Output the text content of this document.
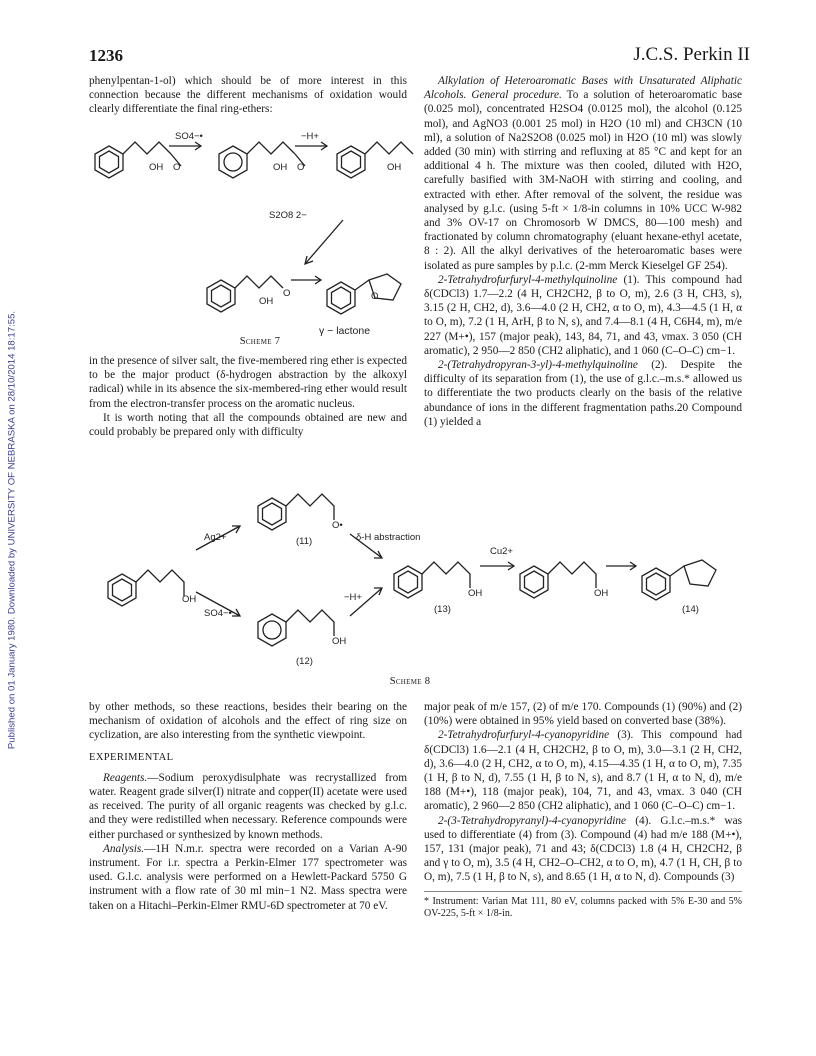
Published on 01 January 1980. Downloaded by UNIVERSITY OF NEBRASKA on 28/10/2014 18:17:55.
1236	J.C.S. Perkin II

phenylpentan-1-ol) which should be of more interest in this connection because the different mechanisms of oxidation would clearly differentiate the final ring-ethers:

SO4−•	−H+
S2O8 2−
OH O	OH O	OH
OH
O	O
γ − lactone
Scheme 7

in the presence of silver salt, the five-membered ring ether is expected to be the major product (δ-hydrogen abstraction by the alkoxyl radical) while in its absence the six-membered-ring ether would result from the electron-transfer process on the aromatic nucleus.

It is worth noting that all the compounds obtained are new and could probably be prepared only with difficulty

Alkylation of Heteroaromatic Bases with Unsaturated Aliphatic Alcohols. General procedure. To a solution of heteroaromatic base (0.025 mol), concentrated H2SO4 (0.0125 mol), the alcohol (0.125 mol), and AgNO3 (0.001 25 mol) in H2O (10 ml) and CH3CN (10 ml), a solution of Na2S2O8 (0.025 mol) in H2O (10 ml) was slowly added (30 min) with stirring and refluxing at 85 °C and kept for an additional 4 h. The mixture was then cooled, diluted with H2O, carefully basified with 3M-NaOH with stirring and cooling, and extracted with ether. After removal of the solvent, the residue was analysed by g.l.c. (using 5-ft × 1/8-in columns in 10% UCC W-982 and 3% OV-17 on Chromosorb W DMCS, 80—100 mesh) and fractionated by column chromatography (eluant hexane-ethyl acetate, 8 : 2). All the alkyl derivatives of the heteroaromatic bases were isolated as pure samples by p.l.c. (2-mm Merck Kieselgel GF 254).

2-Tetrahydrofurfuryl-4-methylquinoline (1). This compound had δ(CDCl3) 1.7—2.2 (4 H, CH2CH2, β to O, m), 2.6 (3 H, CH3, s), 3.15 (2 H, CH2, d), 3.6—4.0 (2 H, CH2, α to O, m), 4.3—4.5 (1 H, α to O, m), 7.2 (1 H, ArH, β to N, s), and 7.4—8.1 (4 H, C6H4, m), m/e 227 (M+•), 157 (major peak), 143, 84, 71, and 43, νmax. 3 050 (CH aromatic), 2 950—2 850 (CH2 aliphatic), and 1 060 (C–O–C) cm−1.

2-(Tetrahydropyran-3-yl)-4-methylquinoline (2). Despite the difficulty of its separation from (1), the use of g.l.c.–m.s.* allowed us to differentiate the two products clearly on the basis of the relative abundance of ions in the different fragmentation paths.20 Compound (1) yielded a

Ag2+
SO4−•
δ-H abstraction
Cu2+
−H+
OH
O•
OH
OH	OH
(11)
(12)
(13)	(14)
Scheme 8

by other methods, so these reactions, besides their bearing on the mechanism of oxidation of alcohols and the effect of ring size on cyclization, are also interesting from the synthetic viewpoint.

EXPERIMENTAL

Reagents.—Sodium peroxydisulphate was recrystallized from water. Reagent grade silver(I) nitrate and copper(II) acetate were used as received. The purity of all organic reagents was checked by g.l.c. and they were redistilled when necessary. Reference compounds were either purchased or synthesized by known methods.

Analysis.—1H N.m.r. spectra were recorded on a Varian A-90 instrument. For i.r. spectra a Perkin-Elmer 177 spectrometer was used. G.l.c. analysis were performed on a Hewlett-Packard 5750 G instrument with a flow rate of 30 ml min−1 N2. Mass spectra were taken on a Hitachi–Perkin-Elmer RMU-6D spectrometer at 70 eV.

major peak of m/e 157, (2) of m/e 170. Compounds (1) (90%) and (2) (10%) were obtained in 95% yield based on converted base (38%).

2-Tetrahydrofurfuryl-4-cyanopyridine (3). This compound had δ(CDCl3) 1.6—2.1 (4 H, CH2CH2, β to O, m), 3.0—3.1 (2 H, CH2, d), 3.6—4.0 (2 H, CH2, α to O, m), 4.15—4.35 (1 H, α to O, m), 7.35 (1 H, β to N, d), 7.55 (1 H, β to N, s), and 8.7 (1 H, α to N, d), m/e 188 (M+•), 118 (major peak), 104, 71, and 43, νmax. 3 040 (CH aromatic), 2 960—2 850 (CH2 aliphatic), and 1 060 (C–O–C) cm−1.

2-(3-Tetrahydropyranyl)-4-cyanopyridine (4). G.l.c.–m.s.* was used to differentiate (4) from (3). Compound (4) had m/e 188 (M+•), 157, 131 (major peak), 71 and 43; δ(CDCl3) 1.8 (4 H, CH2CH2, β and γ to O, m), 3.5 (4 H, CH2–O–CH2, α to O, m), 4.7 (1 H, CH, β to O, m), 7.5 (1 H, β to N, s), and 8.65 (1 H, α to N, d). Compounds (3)

* Instrument: Varian Mat 111, 80 eV, columns packed with 5% E-30 and 5% OV-225, 5-ft × 1/8-in.
